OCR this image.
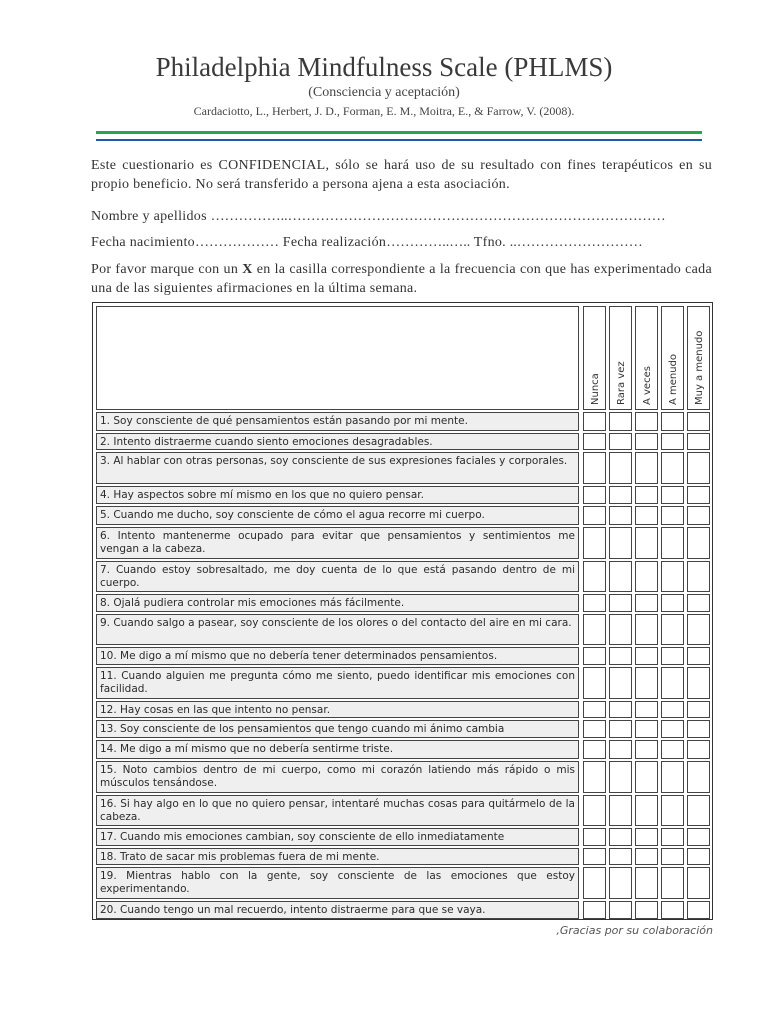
Philadelphia Mindfulness Scale (PHLMS)
(Consciencia y aceptación)
Cardaciotto, L., Herbert, J. D., Forman, E. M., Moitra, E., & Farrow, V. (2008).
Este cuestionario es CONFIDENCIAL, sólo se hará uso de su resultado con fines terapéuticos en su propio beneficio. No será transferido a persona ajena a esta asociación.
Nombre y apellidos ……………..………………………………………………………………………
Fecha nacimiento……………… Fecha realización…………..….. Tfno. ..………………………
Por favor marque con un X en la casilla correspondiente a la frecuencia con que has experimentado cada una de las siguientes afirmaciones en la última semana.
Nunca Rara vez A veces A menudo Muy a menudo
1. Soy consciente de qué pensamientos están pasando por mi mente.
2. Intento distraerme cuando siento emociones desagradables.
3. Al hablar con otras personas, soy consciente de sus expresiones faciales y corporales.
4. Hay aspectos sobre mí mismo en los que no quiero pensar.
5. Cuando me ducho, soy consciente de cómo el agua recorre mi cuerpo.
6. Intento mantenerme ocupado para evitar que pensamientos y sentimientos me vengan a la cabeza.
7. Cuando estoy sobresaltado, me doy cuenta de lo que está pasando dentro de mi cuerpo.
8. Ojalá pudiera controlar mis emociones más fácilmente.
9. Cuando salgo a pasear, soy consciente de los olores o del contacto del aire en mi cara.
10. Me digo a mí mismo que no debería tener determinados pensamientos.
11. Cuando alguien me pregunta cómo me siento, puedo identificar mis emociones con facilidad.
12. Hay cosas en las que intento no pensar.
13. Soy consciente de los pensamientos que tengo cuando mi ánimo cambia
14. Me digo a mí mismo que no debería sentirme triste.
15. Noto cambios dentro de mi cuerpo, como mi corazón latiendo más rápido o mis músculos tensándose.
16. Si hay algo en lo que no quiero pensar, intentaré muchas cosas para quitármelo de la cabeza.
17. Cuando mis emociones cambian, soy consciente de ello inmediatamente
18. Trato de sacar mis problemas fuera de mi mente.
19. Mientras hablo con la gente, soy consciente de las emociones que estoy experimentando.
20. Cuando tengo un mal recuerdo, intento distraerme para que se vaya.
,Gracias por su colaboración
